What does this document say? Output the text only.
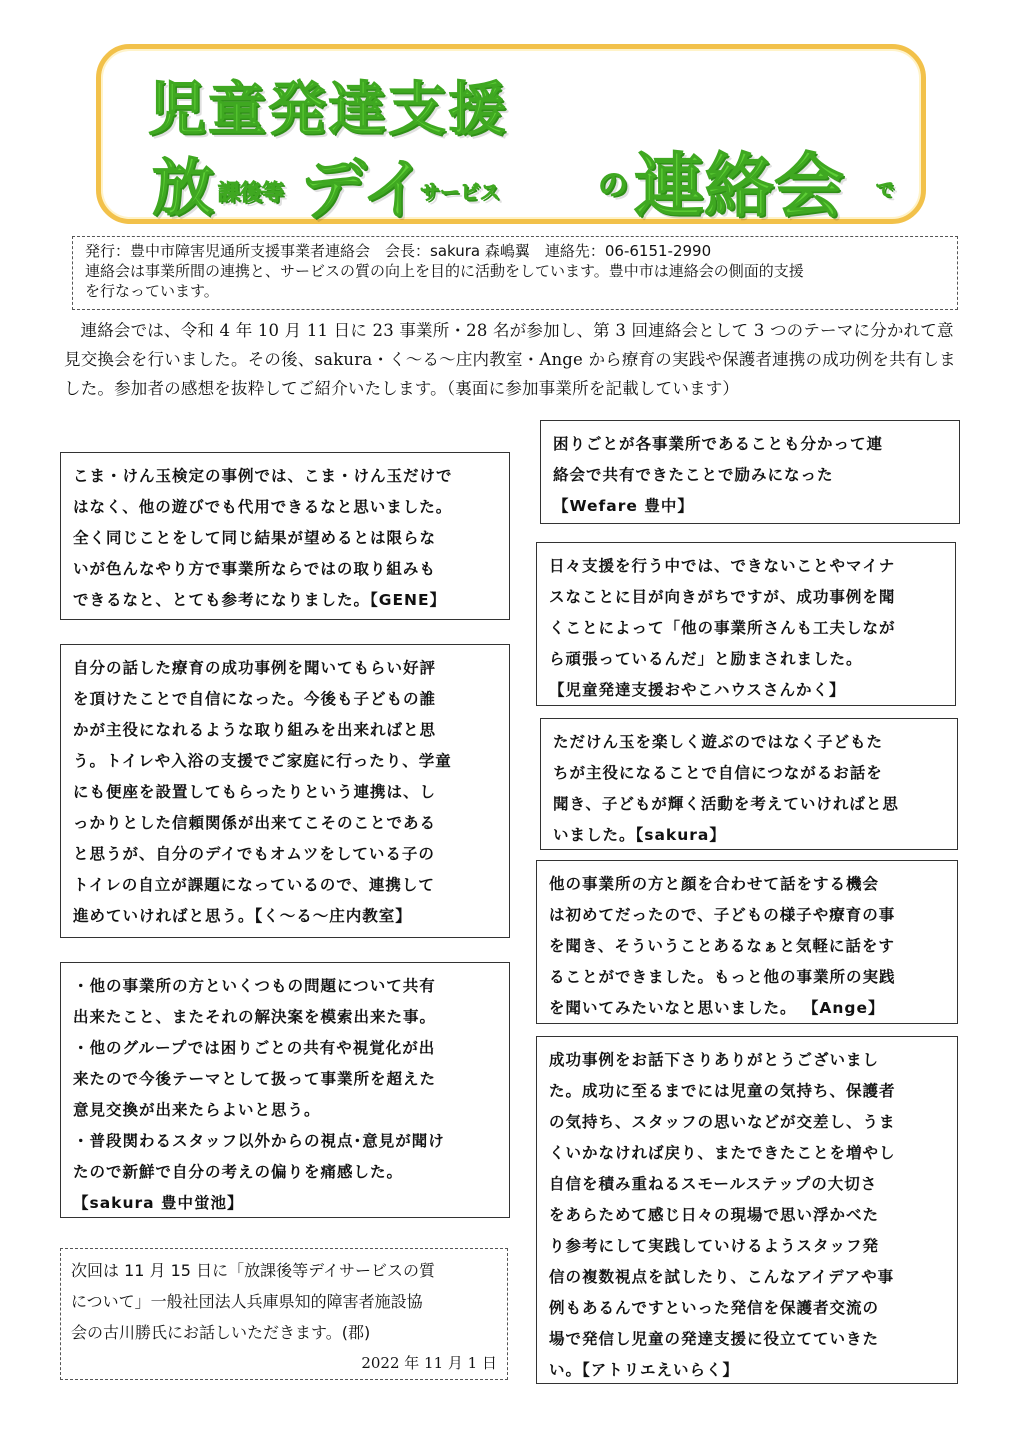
児童発達支援
放 課後等 デイ
サービス	の 連絡会 で
発行：豊中市障害児通所支援事業者連絡会　会長：sakura 森嶋翼　連絡先：06-6151-2990
連絡会は事業所間の連携と、サービスの質の向上を目的に活動をしています。豊中市は連絡会の側面的支援
を行なっています。

連絡会では、令和 4 年 10 月 11 日に 23 事業所・28 名が参加し、第 3 回連絡会として 3 つのテーマに分かれて意見交換会を行いました。その後、sakura・く〜る〜庄内教室・Ange から療育の実践や保護者連携の成功例を共有しました。参加者の感想を抜粋してご紹介いたします。（裏面に参加事業所を記載しています）

こま・けん玉検定の事例では、こま・けん玉だけで
はなく、他の遊びでも代用できるなと思いました。
全く同じことをして同じ結果が望めるとは限らな
いが色んなやり方で事業所ならではの取り組みも
できるなと、とても参考になりました。【GENE】
自分の話した療育の成功事例を聞いてもらい好評
を頂けたことで自信になった。今後も子どもの誰
かが主役になれるような取り組みを出来ればと思
う。トイレや入浴の支援でご家庭に行ったり、学童
にも便座を設置してもらったりという連携は、し
っかりとした信頼関係が出来てこそのことである
と思うが、自分のデイでもオムツをしている子の
トイレの自立が課題になっているので、連携して
進めていければと思う。【く〜る〜庄内教室】
・他の事業所の方といくつもの問題について共有
出来たこと、またそれの解決案を模索出来た事。
・他のグループでは困りごとの共有や視覚化が出
来たので今後テーマとして扱って事業所を超えた
意見交換が出来たらよいと思う。
・普段関わるスタッフ以外からの視点･意見が聞け
たので新鮮で自分の考えの偏りを痛感した。
【sakura 豊中蛍池】
困りごとが各事業所であることも分かって連
絡会で共有できたことで励みになった
【Wefare 豊中】
日々支援を行う中では、できないことやマイナ
スなことに目が向きがちですが、成功事例を聞
くことによって「他の事業所さんも工夫しなが
ら頑張っているんだ」と励まされました。
【児童発達支援おやこハウスさんかく】
ただけん玉を楽しく遊ぶのではなく子どもた
ちが主役になることで自信につながるお話を
聞き、子どもが輝く活動を考えていければと思
いました。【sakura】
他の事業所の方と顔を合わせて話をする機会
は初めてだったので、子どもの様子や療育の事
を聞き、そういうことあるなぁと気軽に話をす
ることができました。もっと他の事業所の実践
を聞いてみたいなと思いました。 【Ange】
成功事例をお話下さりありがとうございまし
た。成功に至るまでには児童の気持ち、保護者
の気持ち、スタッフの思いなどが交差し、うま
くいかなければ戻り、またできたことを増やし
自信を積み重ねるスモールステップの大切さ
をあらためて感じ日々の現場で思い浮かべた
り参考にして実践していけるようスタッフ発
信の複数視点を試したり、こんなアイデアや事
例もあるんですといった発信を保護者交流の
場で発信し児童の発達支援に役立てていきた
い。【アトリエえいらく】
次回は 11 月 15 日に「放課後等デイサービスの質
について」一般社団法人兵庫県知的障害者施設協
会の古川勝氏にお話しいただきます。(郡)
2022 年 11 月 1 日
